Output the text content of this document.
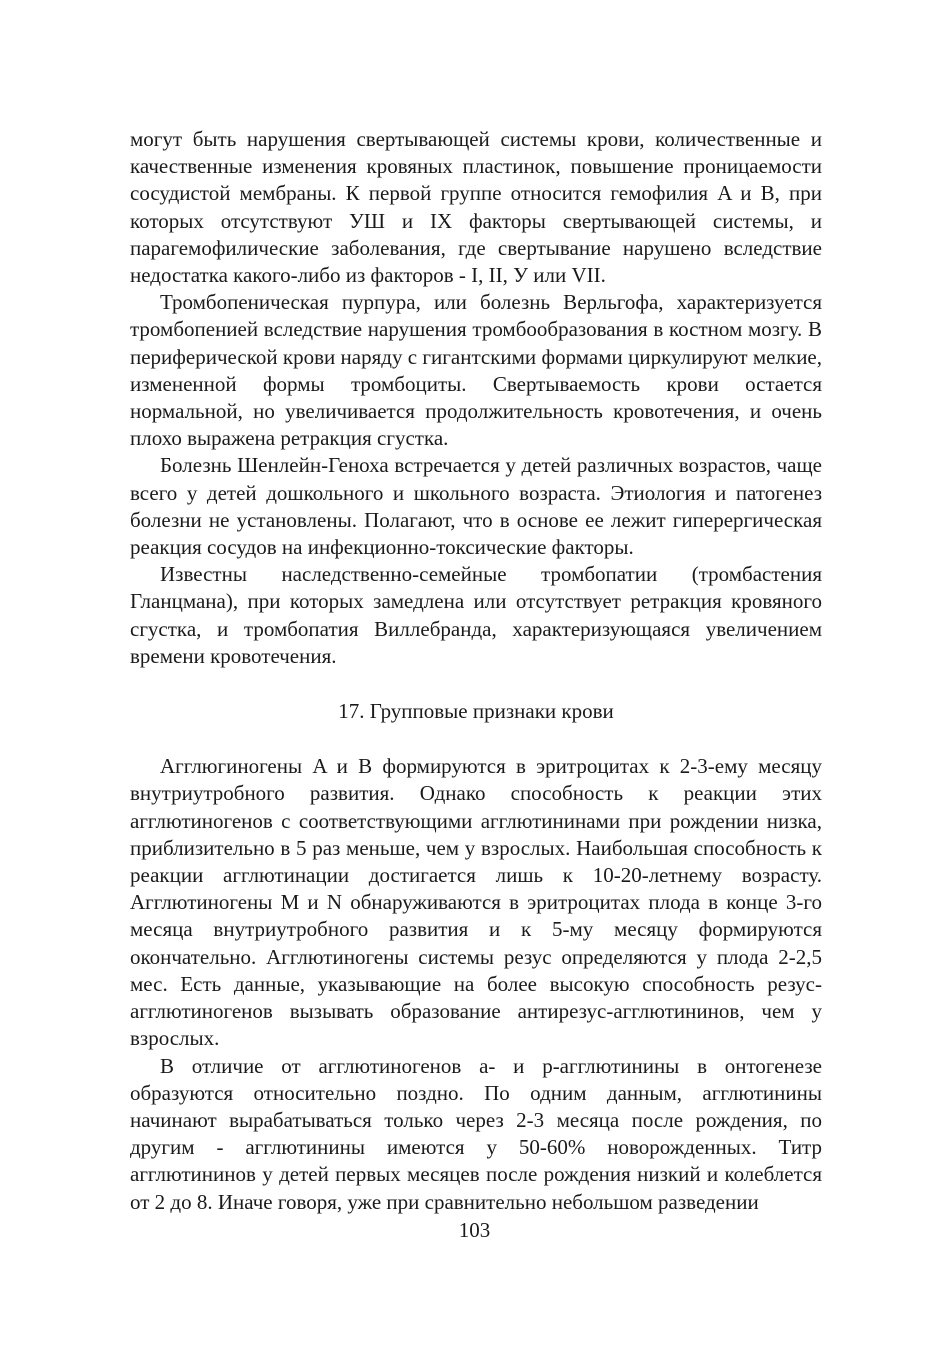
могут быть нарушения свертывающей системы крови, количественные и качественные изменения кровяных пластинок, повышение проницаемости сосудистой мембраны. К первой группе относится гемофилия A и B, при которых отсутствуют УШ и IX факторы свертывающей системы, и парагемофилические заболевания, где свертывание нарушено вследствие недостатка какого-либо из факторов - I, II, У или VII.

Тромбопеническая пурпура, или болезнь Верльгофа, характеризуется тромбопенией вследствие нарушения тромбообразования в костном мозгу. В периферической крови наряду с гигантскими формами циркулируют мелкие, измененной формы тромбоциты. Свертываемость крови остается нормальной, но увеличивается продолжительность кровотечения, и очень плохо выражена ретракция сгустка.

Болезнь Шенлейн-Геноха встречается у детей различных возрастов, чаще всего у детей дошкольного и школьного возраста. Этиология и патогенез болезни не установлены. Полагают, что в основе ее лежит гиперергическая реакция сосудов на инфекционно-токсические факторы.

Известны наследственно-семейные тромбопатии (тромбастения Гланцмана), при которых замедлена или отсутствует ретракция кровяного сгустка, и тромбопатия Виллебранда, характеризующаяся увеличением времени кровотечения.

17. Групповые признаки крови

Агглюгиногены A и B формируются в эритроцитах к 2-3-ему месяцу внутриутробного развития. Однако способность к реакции этих агглютиногенов с соответствующими агглютининами при рождении низка, приблизительно в 5 раз меньше, чем у взрослых. Наибольшая способность к реакции агглютинации достигается лишь к 10-20-летнему возрасту. Агглютиногены M и N обнаруживаются в эритроцитах плода в конце 3-го месяца внутриутробного развития и к 5-му месяцу формируются окончательно. Агглютиногены системы резус определяются у плода 2-2,5 мес. Есть данные, указывающие на более высокую способность резус-агглютиногенов вызывать образование антирезус-агглютининов, чем у взрослых.

В отличие от агглютиногенов а- и р-агглютинины в онтогенезе образуются относительно поздно. По одним данным, агглютинины начинают вырабатываться только через 2-3 месяца после рождения, по другим - агглютинины имеются у 50-60% новорожденных. Титр агглютининов у детей первых месяцев после рождения низкий и колеблется от 2 до 8. Иначе говоря, уже при сравнительно небольшом разведении

103
